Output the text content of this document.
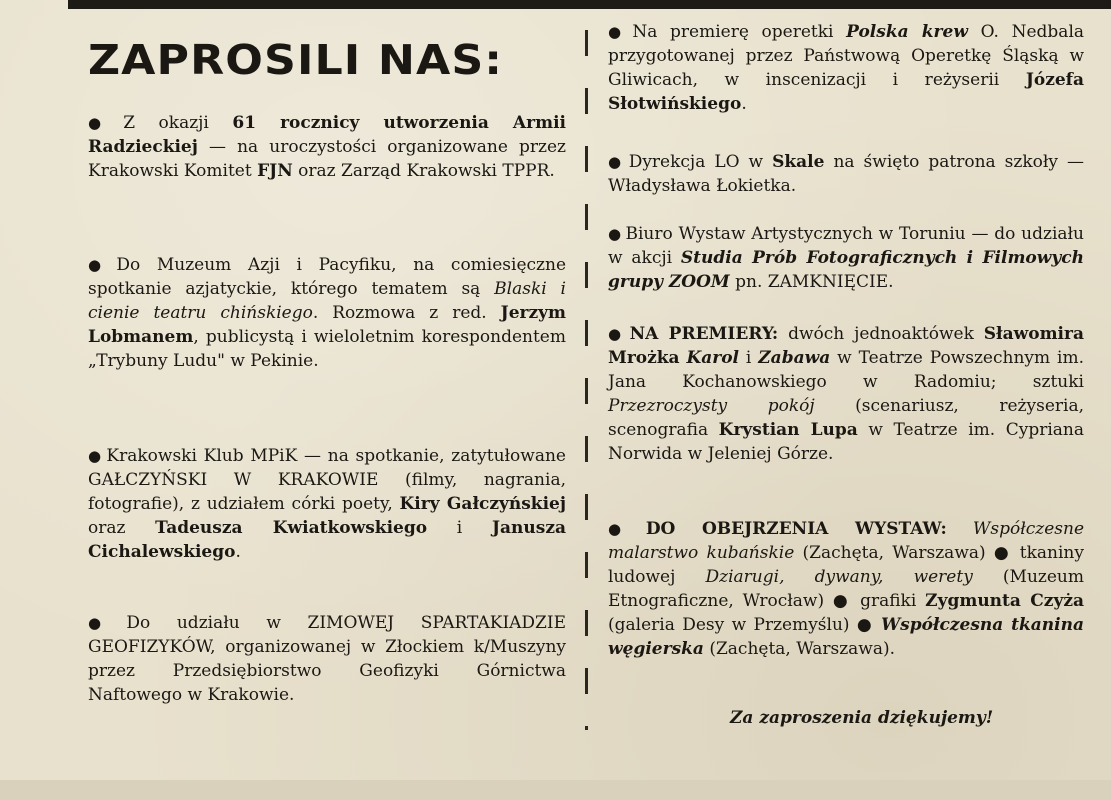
ZAPROSILI NAS:

● Z okazji 61 rocznicy utworzenia Armii Radzieckiej — na uroczystości organizowane przez Krakowski Komitet FJN oraz Zarząd Krakowski TPPR.

● Do Muzeum Azji i Pacyfiku, na comiesięczne spotkanie azjatyckie, którego tematem są Blaski i cienie teatru chińskiego. Rozmowa z red. Jerzym Lobmanem, publicystą i wieloletnim korespondentem „Trybuny Ludu" w Pekinie.

● Krakowski Klub MPiK — na spotkanie, zatytułowane GAŁCZYŃSKI W KRAKOWIE (filmy, nagrania, fotografie), z udziałem córki poety, Kiry Gałczyńskiej oraz Tadeusza Kwiatkowskiego i Janusza Cichalewskiego.

● Do udziału w ZIMOWEJ SPARTAKIADZIE GEOFIZYKÓW, organizowanej w Złockiem k/Muszyny przez Przedsiębiorstwo Geofizyki Górnictwa Naftowego w Krakowie.

● Na premierę operetki Polska krew O. Nedbala przygotowanej przez Państwową Operetkę Śląską w Gliwicach, w inscenizacji i reżyserii Józefa Słotwińskiego.

● Dyrekcja LO w Skale na święto patrona szkoły — Władysława Łokietka.

● Biuro Wystaw Artystycznych w Toruniu — do udziału w akcji Studia Prób Fotograficznych i Filmowych grupy ZOOM pn. ZAMKNIĘCIE.

● NA PREMIERY: dwóch jednoaktówek Sławomira Mrożka Karol i Zabawa w Teatrze Powszechnym im. Jana Kochanowskiego w Radomiu; sztuki Przezroczysty pokój (scenariusz, reżyseria, scenografia Krystian Lupa w Teatrze im. Cypriana Norwida w Jeleniej Górze.

● DO OBEJRZENIA WYSTAW: Współczesne malarstwo kubańskie (Zachęta, Warszawa) ● tkaniny ludowej Dziarugi, dywany, werety (Muzeum Etnograficzne, Wrocław) ● grafiki Zygmunta Czyża (galeria Desy w Przemyślu) ● Współczesna tkanina węgierska (Zachęta, Warszawa).

Za zaproszenia dziękujemy!
